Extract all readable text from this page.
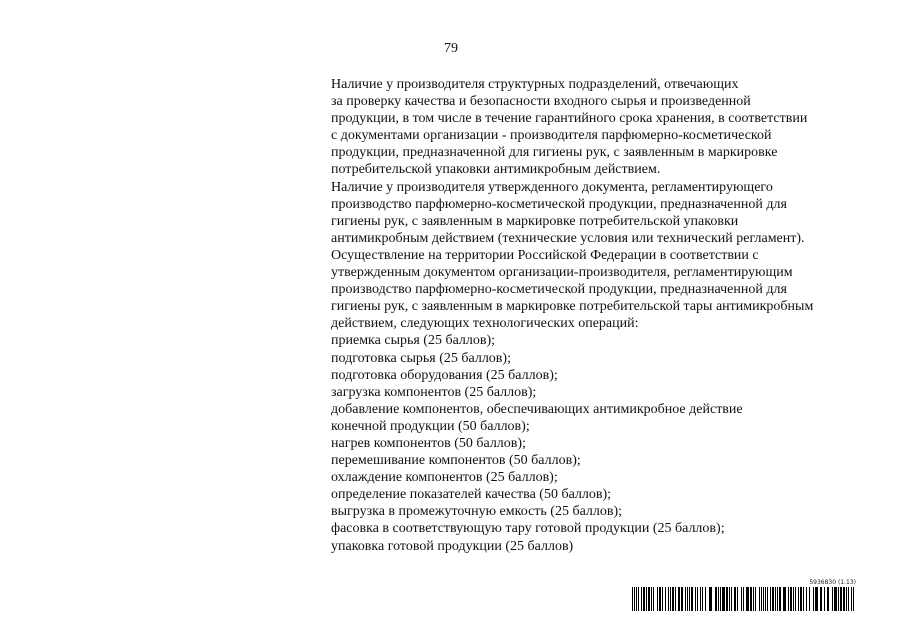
79
Наличие у производителя структурных подразделений, отвечающих
за проверку качества и безопасности входного сырья и произведенной
продукции, в том числе в течение гарантийного срока хранения, в соответствии
с документами организации - производителя парфюмерно-косметической
продукции, предназначенной для гигиены рук, с заявленным в маркировке
потребительской упаковки антимикробным действием.
Наличие у производителя утвержденного документа, регламентирующего
производство парфюмерно-косметической продукции, предназначенной для
гигиены рук, с заявленным в маркировке потребительской упаковки
антимикробным действием (технические условия или технический регламент).
Осуществление на территории Российской Федерации в соответствии с
утвержденным документом организации-производителя, регламентирующим
производство парфюмерно-косметической продукции, предназначенной для
гигиены рук, с заявленным в маркировке потребительской тары антимикробным
действием, следующих технологических операций:
приемка сырья (25 баллов);
подготовка сырья (25 баллов);
подготовка оборудования (25 баллов);
загрузка компонентов (25 баллов);
добавление компонентов, обеспечивающих антимикробное действие
конечной продукции (50 баллов);
нагрев компонентов (50 баллов);
перемешивание компонентов (50 баллов);
охлаждение компонентов (25 баллов);
определение показателей качества (50 баллов);
выгрузка в промежуточную емкость (25 баллов);
фасовка в соответствующую тару готовой продукции (25 баллов);
упаковка готовой продукции (25 баллов)
5936830 (1.13)
